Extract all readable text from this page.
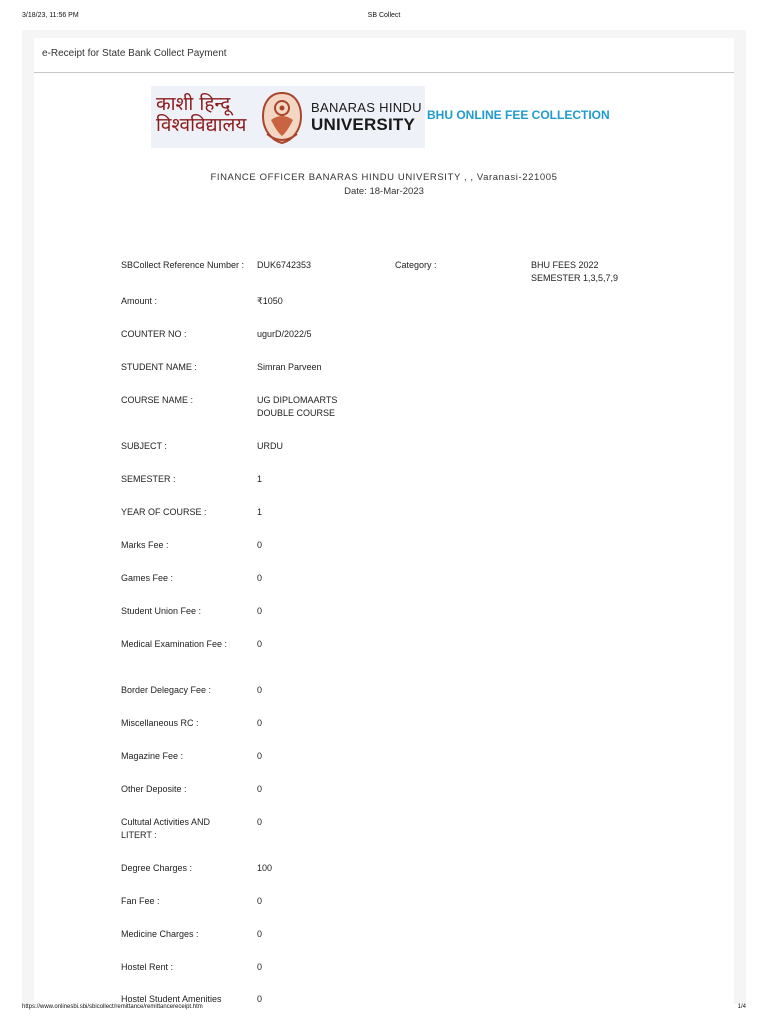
3/18/23, 11:56 PM	SB Collect
e-Receipt for State Bank Collect Payment
काशी हिन्दू
विश्वविद्यालय
BANARAS HINDU
UNIVERSITY BHU ONLINE FEE COLLECTION
FINANCE OFFICER BANARAS HINDU UNIVERSITY , , Varanasi-221005
Date: 18-Mar-2023
SBCollect Reference Number : DUK6742353	Category :	BHU FEES 2022 SEMESTER 1,3,5,7,9
Amount :	₹1050
COUNTER NO :	ugurD/2022/5
STUDENT NAME :	Simran Parveen
COURSE NAME :	UG DIPLOMAARTS DOUBLE COURSE
SUBJECT :	URDU
SEMESTER :	1
YEAR OF COURSE :	1
Marks Fee :	0
Games Fee :	0
Student Union Fee :	0
Medical Examination Fee :	0
Border Delegacy Fee :	0
Miscellaneous RC :	0
Magazine Fee :	0
Other Deposite :	0
Cultutal Activities AND LITERT :
0
Degree Charges :	100
Fan Fee :	0
Medicine Charges :	0
Hostel Rent :	0
Hostel Student Amenities	0
https://www.onlinesbi.sbi/sbicollect/remittance/remittancereceipt.htm	1/4
